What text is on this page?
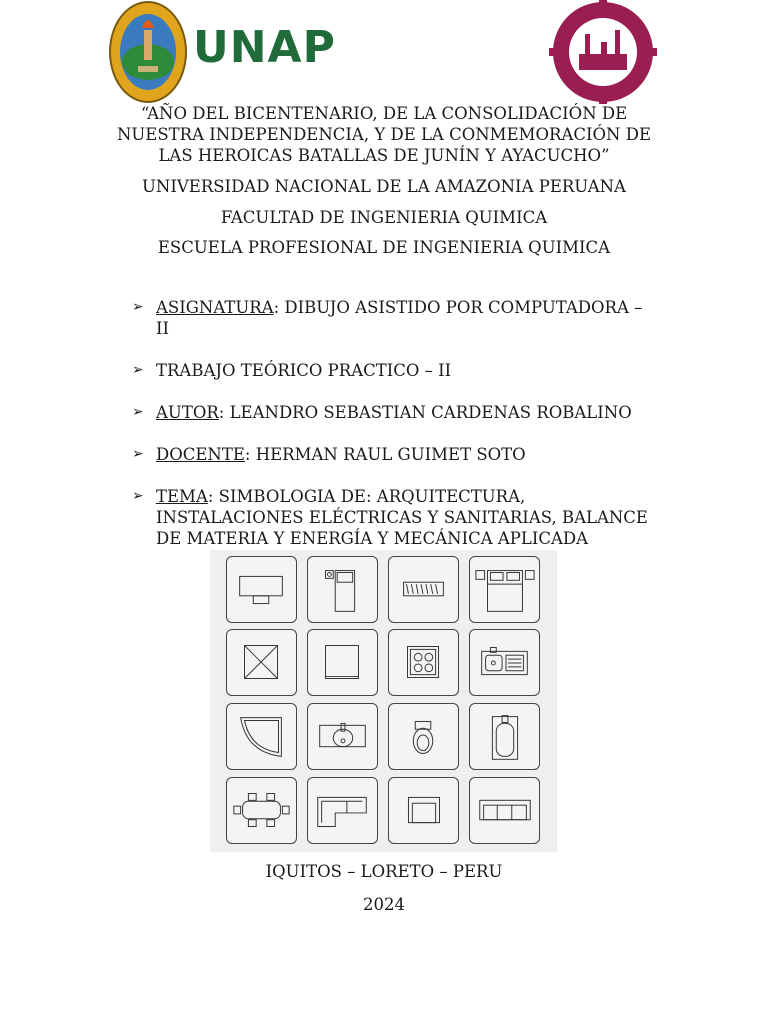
UNAP
“AÑO DEL BICENTENARIO, DE LA CONSOLIDACIÓN DE NUESTRA INDEPENDENCIA, Y DE LA CONMEMORACIÓN DE LAS HEROICAS BATALLAS DE JUNÍN Y AYACUCHO”
UNIVERSIDAD NACIONAL DE LA AMAZONIA PERUANA
FACULTAD DE INGENIERIA QUIMICA
ESCUELA PROFESIONAL DE INGENIERIA QUIMICA
➢ ASIGNATURA: DIBUJO ASISTIDO POR COMPUTADORA – II
➢ TRABAJO TEÓRICO PRACTICO – II
➢ AUTOR: LEANDRO SEBASTIAN CARDENAS ROBALINO
➢ DOCENTE: HERMAN RAUL GUIMET SOTO
➢ TEMA: SIMBOLOGIA DE: ARQUITECTURA, INSTALACIONES ELÉCTRICAS Y SANITARIAS, BALANCE DE MATERIA Y ENERGÍA Y MECÁNICA APLICADA
IQUITOS – LORETO – PERU
2024
